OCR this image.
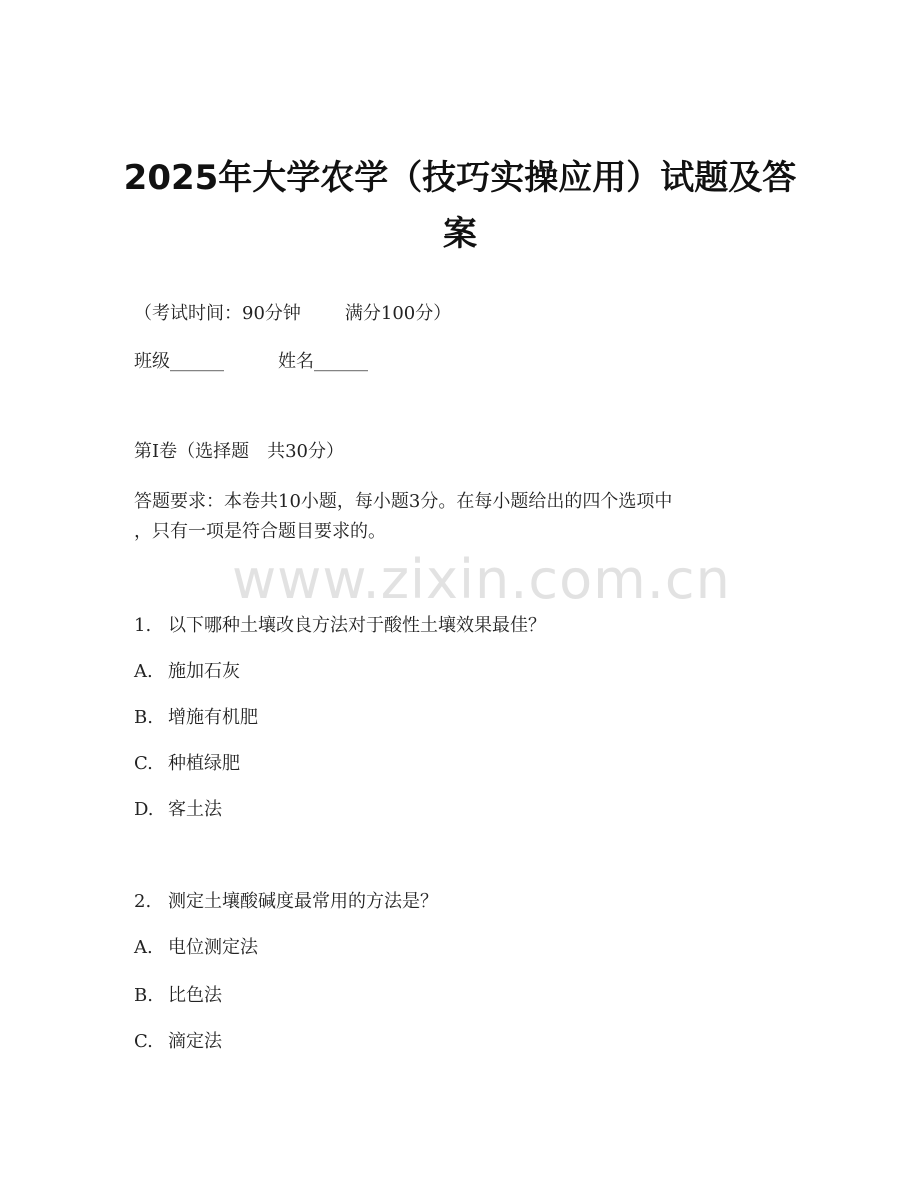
2025年大学农学（技巧实操应用）试题及答
案
（考试时间：90分钟 满分100分）
班级______	姓名______
第I卷（选择题　共30分）
答题要求：本卷共10小题，每小题3分。在每小题给出的四个选项中
，只有一项是符合题目要求的。
www.zixin.com.cn
1. 以下哪种土壤改良方法对于酸性土壤效果最佳？
A. 施加石灰
B. 增施有机肥
C. 种植绿肥
D. 客土法
2. 测定土壤酸碱度最常用的方法是？
A. 电位测定法
B. 比色法
C. 滴定法
